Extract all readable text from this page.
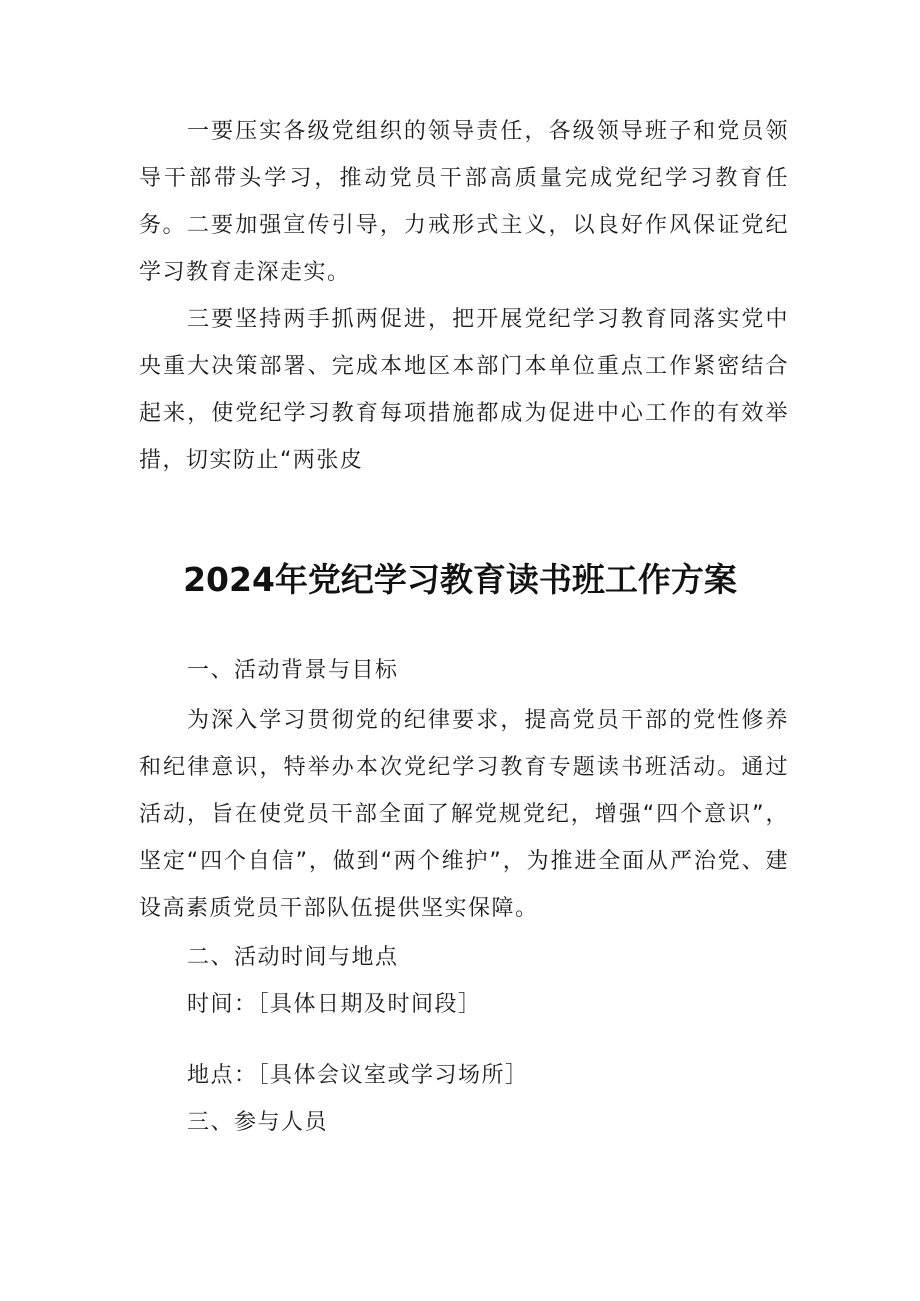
一要压实各级党组织的领导责任，各级领导班子和党员领导干部带头学习，推动党员干部高质量完成党纪学习教育任务。 二要加强宣传引导，力戒形式主义，以良好作风保证党纪学习教育走深走实。

三要坚持两手抓两促进，把开展党纪学习教育同落实党中央重大决策部署、完成本地区本部门本单位重点工作紧密结合起来，使党纪学习教育每项措施都成为促进中心工作的有效举措，切实防止“两张皮

2024年党纪学习教育读书班工作方案

一、活动背景与目标

为深入学习贯彻党的纪律要求，提高党员干部的党性修养和纪律意识，特举办本次党纪学习教育专题读书班活动。通过活动，旨在使党员干部全面了解党规党纪，增强“四个意识”，坚定“四个自信”，做到“两个维护”，为推进全面从严治党、建设高素质党员干部队伍提供坚实保障。

二、活动时间与地点

时间：［具体日期及时间段］

地点：［具体会议室或学习场所］

三、参与人员
